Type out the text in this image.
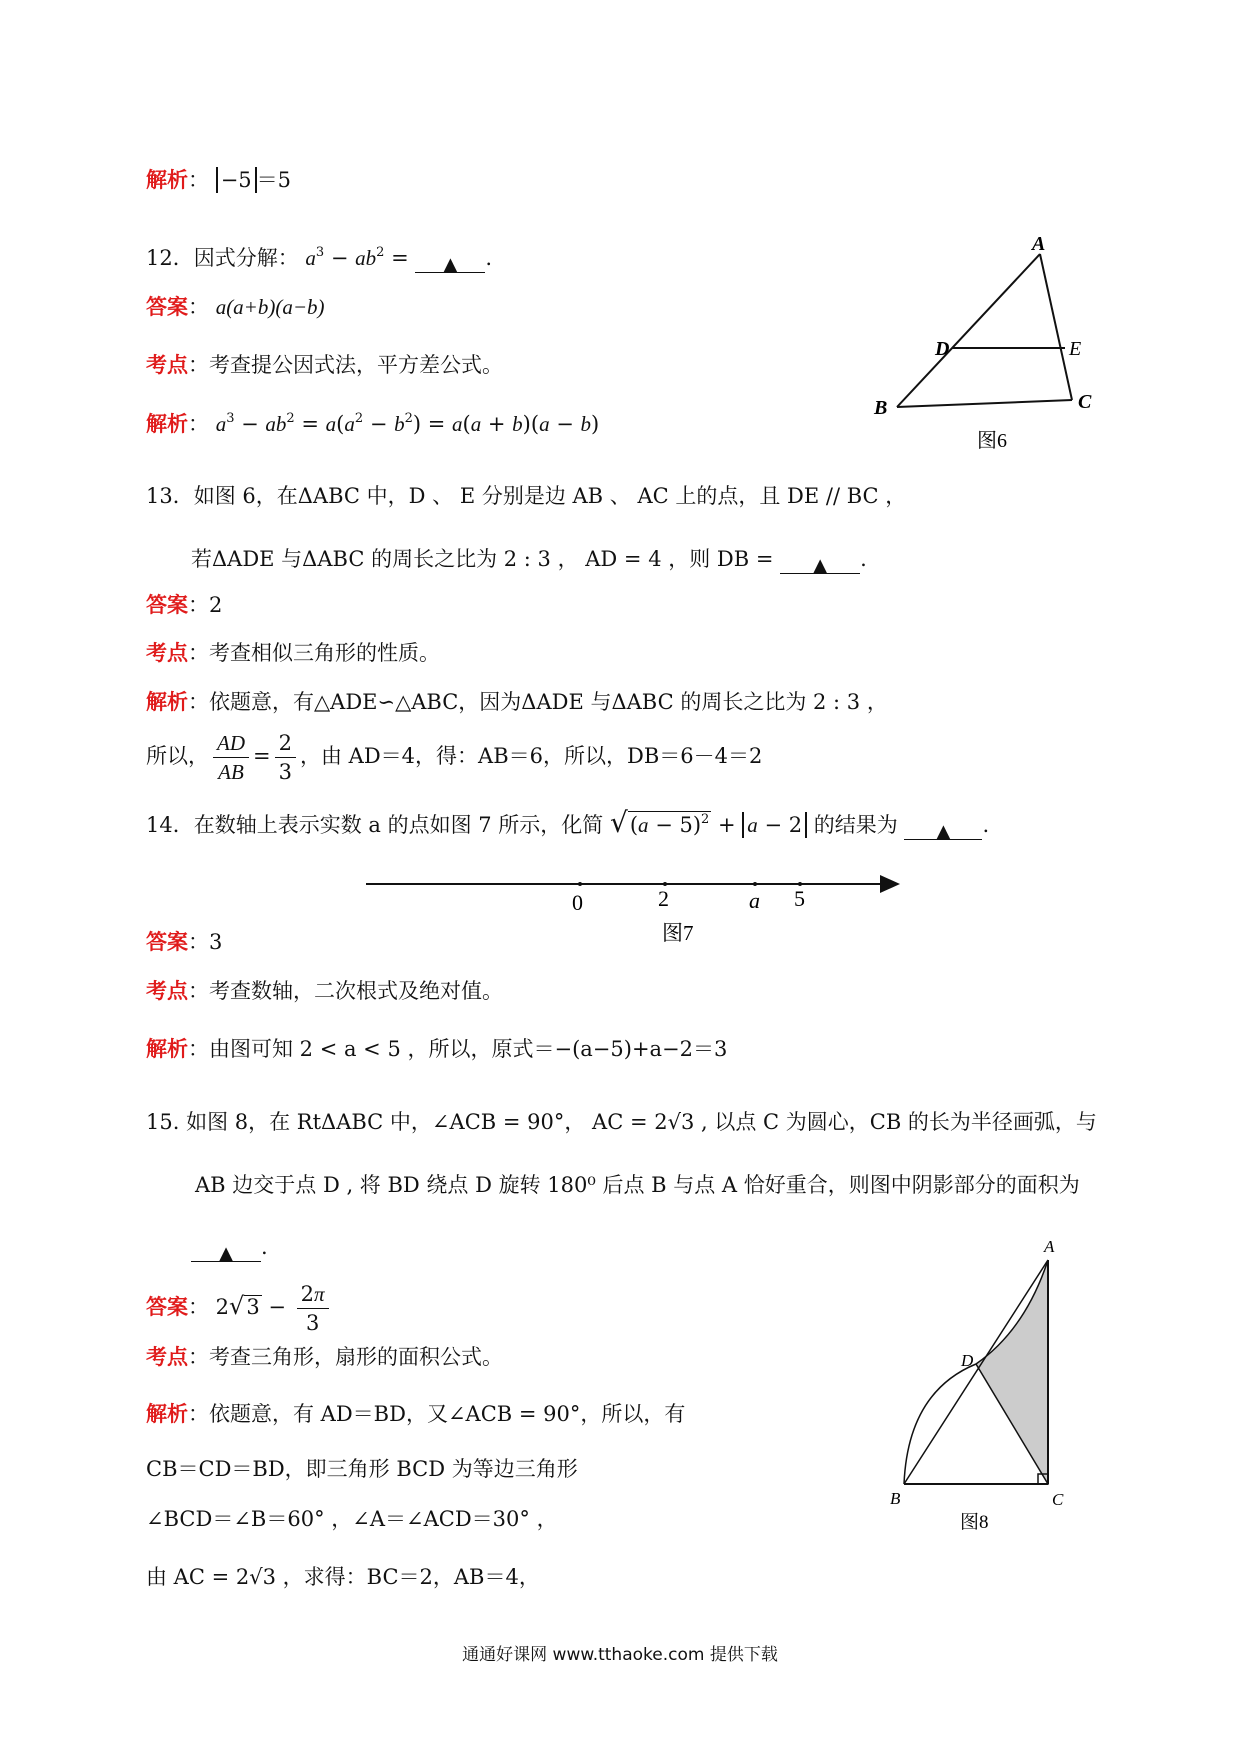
解析： −5 ＝5
12．因式分解： $a^3 - ab^2$ = ▲ .
答案： a(a+b)(a−b)
考点：考查提公因式法，平方差公式。
解析： $a^3 - ab^2 = a(a^2 - b^2) = a(a + b)(a - b)$
A
D	E
B	C
图6
13．如图 6，在ΔABC 中，D 、 E 分别是边 AB 、 AC 上的点，且 DE // BC ，
若ΔADE 与ΔABC 的周长之比为 2 : 3 ， AD = 4 ，则 DB = ▲ .
答案：2
考点：考查相似三角形的性质。
解析：依题意，有△ADE∽△ABC，因为ΔADE 与ΔABC 的周长之比为 2 : 3 ，
所以， $\frac{AD}{AB} = \frac{2}{3}$ ，由 AD＝4，得：AB＝6，所以，DB＝6－4＝2
14．在数轴上表示实数 a 的点如图 7 所示，化简 $√(a - 5)^2 + a - 2$ 的结果为 ▲ .
0	2	a 5
图7
答案：3
考点：考查数轴，二次根式及绝对值。
解析：由图可知 2 < a < 5 ，所以，原式＝−(a−5)+a−2＝3
15. 如图 8，在 RtΔABC 中，∠ACB = 90°， AC = 2√3 , 以点 C 为圆心，CB 的长为半径画弧，与
AB 边交于点 D , 将 BD 绕点 D 旋转 180⁰ 后点 B 与点 A 恰好重合，则图中阴影部分的面积为
▲ .
答案： $2√3 - \frac{2\pi}{3}$
考点：考查三角形，扇形的面积公式。
解析：依题意，有 AD＝BD，又∠ACB = 90°，所以，有
CB＝CD＝BD，即三角形 BCD 为等边三角形
∠BCD＝∠B＝60° ，∠A＝∠ACD＝30° ，
由 AC = 2√3 ，求得：BC＝2，AB＝4，
A
D
B	C
图8
通通好课网 www.tthaoke.com 提供下载
